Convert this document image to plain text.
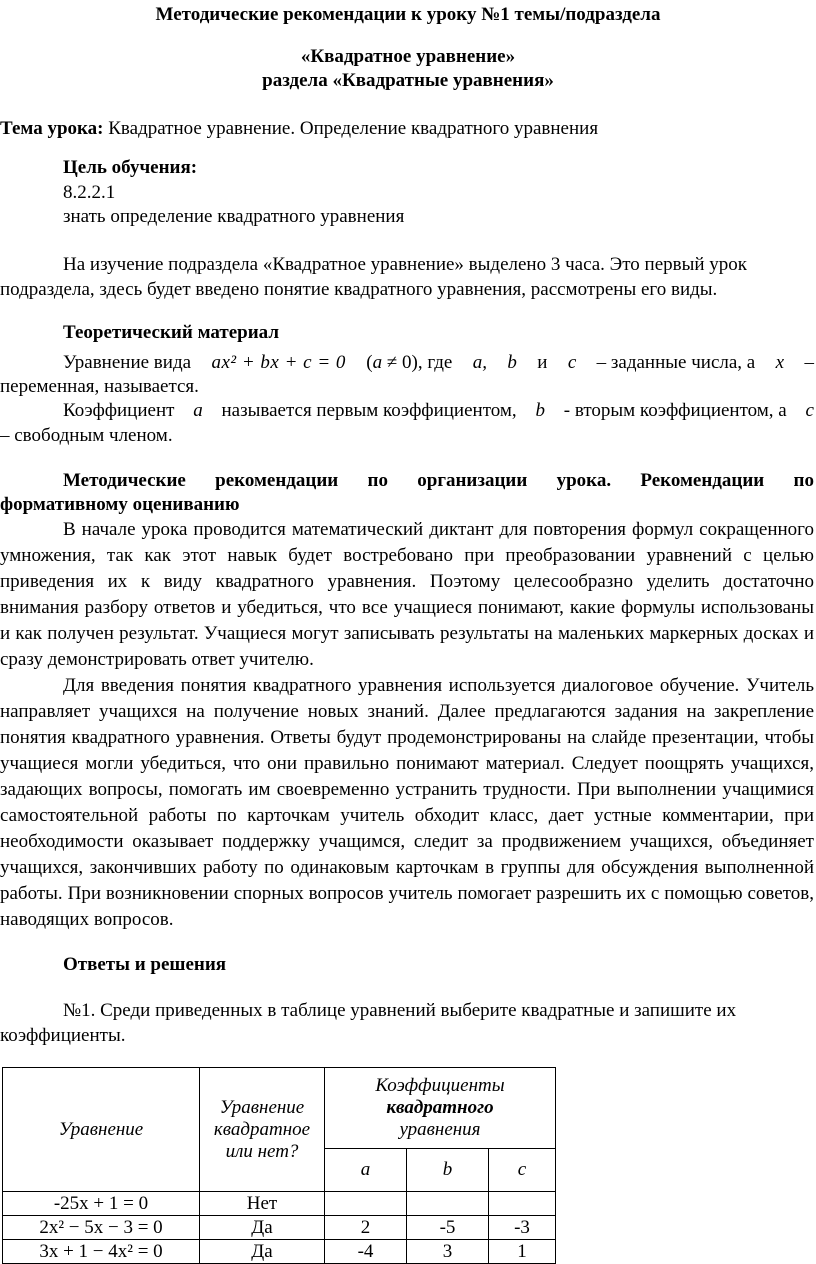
Методические рекомендации к уроку №1 темы/подраздела
«Квадратное уравнение»
раздела «Квадратные уравнения»
Тема урока: Квадратное уравнение. Определение квадратного уравнения
Цель обучения:
8.2.2.1
знать определение квадратного уравнения
На изучение подраздела «Квадратное уравнение» выделено 3 часа. Это первый урок
подраздела, здесь будет введено понятие квадратного уравнения, рассмотрены его виды.
Теоретический материал
Уравнение вида ax² + bx + c = 0 (a ≠ 0), где a, b и c – заданные числа, а x –
переменная, называется.
Коэффициент a называется первым коэффициентом, b - вторым коэффициентом, а c
– свободным членом.
Методические рекомендации по организации урока. Рекомендации по
формативному оцениванию

В начале урока проводится математический диктант для повторения формул сокращенного умножения, так как этот навык будет востребовано при преобразовании уравнений с целью приведения их к виду квадратного уравнения. Поэтому целесообразно уделить достаточно внимания разбору ответов и убедиться, что все учащиеся понимают, какие формулы использованы и как получен результат. Учащиеся могут записывать результаты на маленьких маркерных досках и сразу демонстрировать ответ учителю.

Для введения понятия квадратного уравнения используется диалоговое обучение. Учитель направляет учащихся на получение новых знаний. Далее предлагаются задания на закрепление понятия квадратного уравнения. Ответы будут продемонстрированы на слайде презентации, чтобы учащиеся могли убедиться, что они правильно понимают материал. Следует поощрять учащихся, задающих вопросы, помогать им своевременно устранить трудности. При выполнении учащимися самостоятельной работы по карточкам учитель обходит класс, дает устные комментарии, при необходимости оказывает поддержку учащимся, следит за продвижением учащихся, объединяет учащихся, закончивших работу по одинаковым карточкам в группы для обсуждения выполненной работы. При возникновении спорных вопросов учитель помогает разрешить их с помощью советов, наводящих вопросов.

Ответы и решения
№1. Среди приведенных в таблице уравнений выберите квадратные и запишите их
коэффициенты.
Уравнение	Уравнение
квадратное
или нет?	Коэффициенты
квадратного
уравнения		
		a	b	c
-25x + 1 = 0	Нет			
2x² − 5x − 3 = 0	Да	2	-5	-3
3x + 1 − 4x² = 0	Да	-4	3	1
